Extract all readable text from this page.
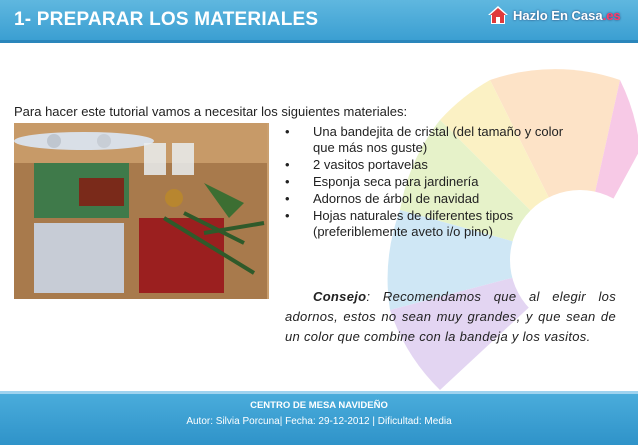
1- PREPARAR LOS MATERIALES	Hazlo En Casa.es
Para hacer este tutorial vamos a necesitar los siguientes materiales:
• Una bandejita de cristal (del tamaño y color
que más nos guste)
• 2 vasitos portavelas
• Esponja seca para jardinería
• Adornos de árbol de navidad
• Hojas naturales de diferentes tipos
(preferiblemente aveto i/o pino)
Consejo: Recomendamos que al elegir los adornos, estos no sean muy grandes, y que sean de un color que combine con la bandeja y los vasitos.
CENTRO DE MESA NAVIDEÑO
Autor: Silvia Porcuna| Fecha: 29-12-2012 | Dificultad: Media
